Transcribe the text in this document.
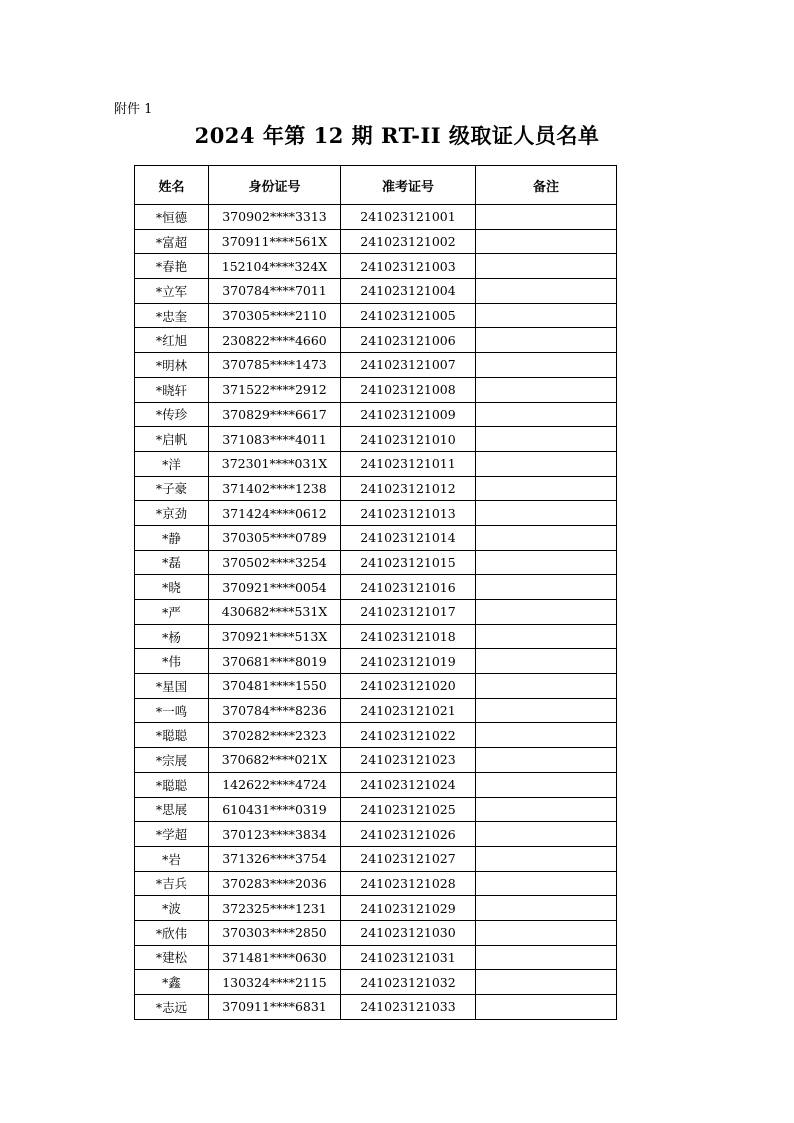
附件 1
2024 年第 12 期 RT-II 级取证人员名单
姓名	身份证号	准考证号	备注
*恒德	370902****3313	241023121001	
*富超	370911****561X	241023121002	
*春艳	152104****324X	241023121003	
*立军	370784****7011	241023121004	
*忠奎	370305****2110	241023121005	
*红旭	230822****4660	241023121006	
*明林	370785****1473	241023121007	
*晓轩	371522****2912	241023121008	
*传珍	370829****6617	241023121009	
*启帆	371083****4011	241023121010	
*洋	372301****031X	241023121011	
*子豪	371402****1238	241023121012	
*京劲	371424****0612	241023121013	
*静	370305****0789	241023121014	
*磊	370502****3254	241023121015	
*晓	370921****0054	241023121016	
*严	430682****531X	241023121017	
*杨	370921****513X	241023121018	
*伟	370681****8019	241023121019	
*星国	370481****1550	241023121020	
*一鸣	370784****8236	241023121021	
*聪聪	370282****2323	241023121022	
*宗展	370682****021X	241023121023	
*聪聪	142622****4724	241023121024	
*思展	610431****0319	241023121025	
*学超	370123****3834	241023121026	
*岩	371326****3754	241023121027	
*吉兵	370283****2036	241023121028	
*波	372325****1231	241023121029	
*欣伟	370303****2850	241023121030	
*建松	371481****0630	241023121031	
*鑫	130324****2115	241023121032	
*志远	370911****6831	241023121033	
